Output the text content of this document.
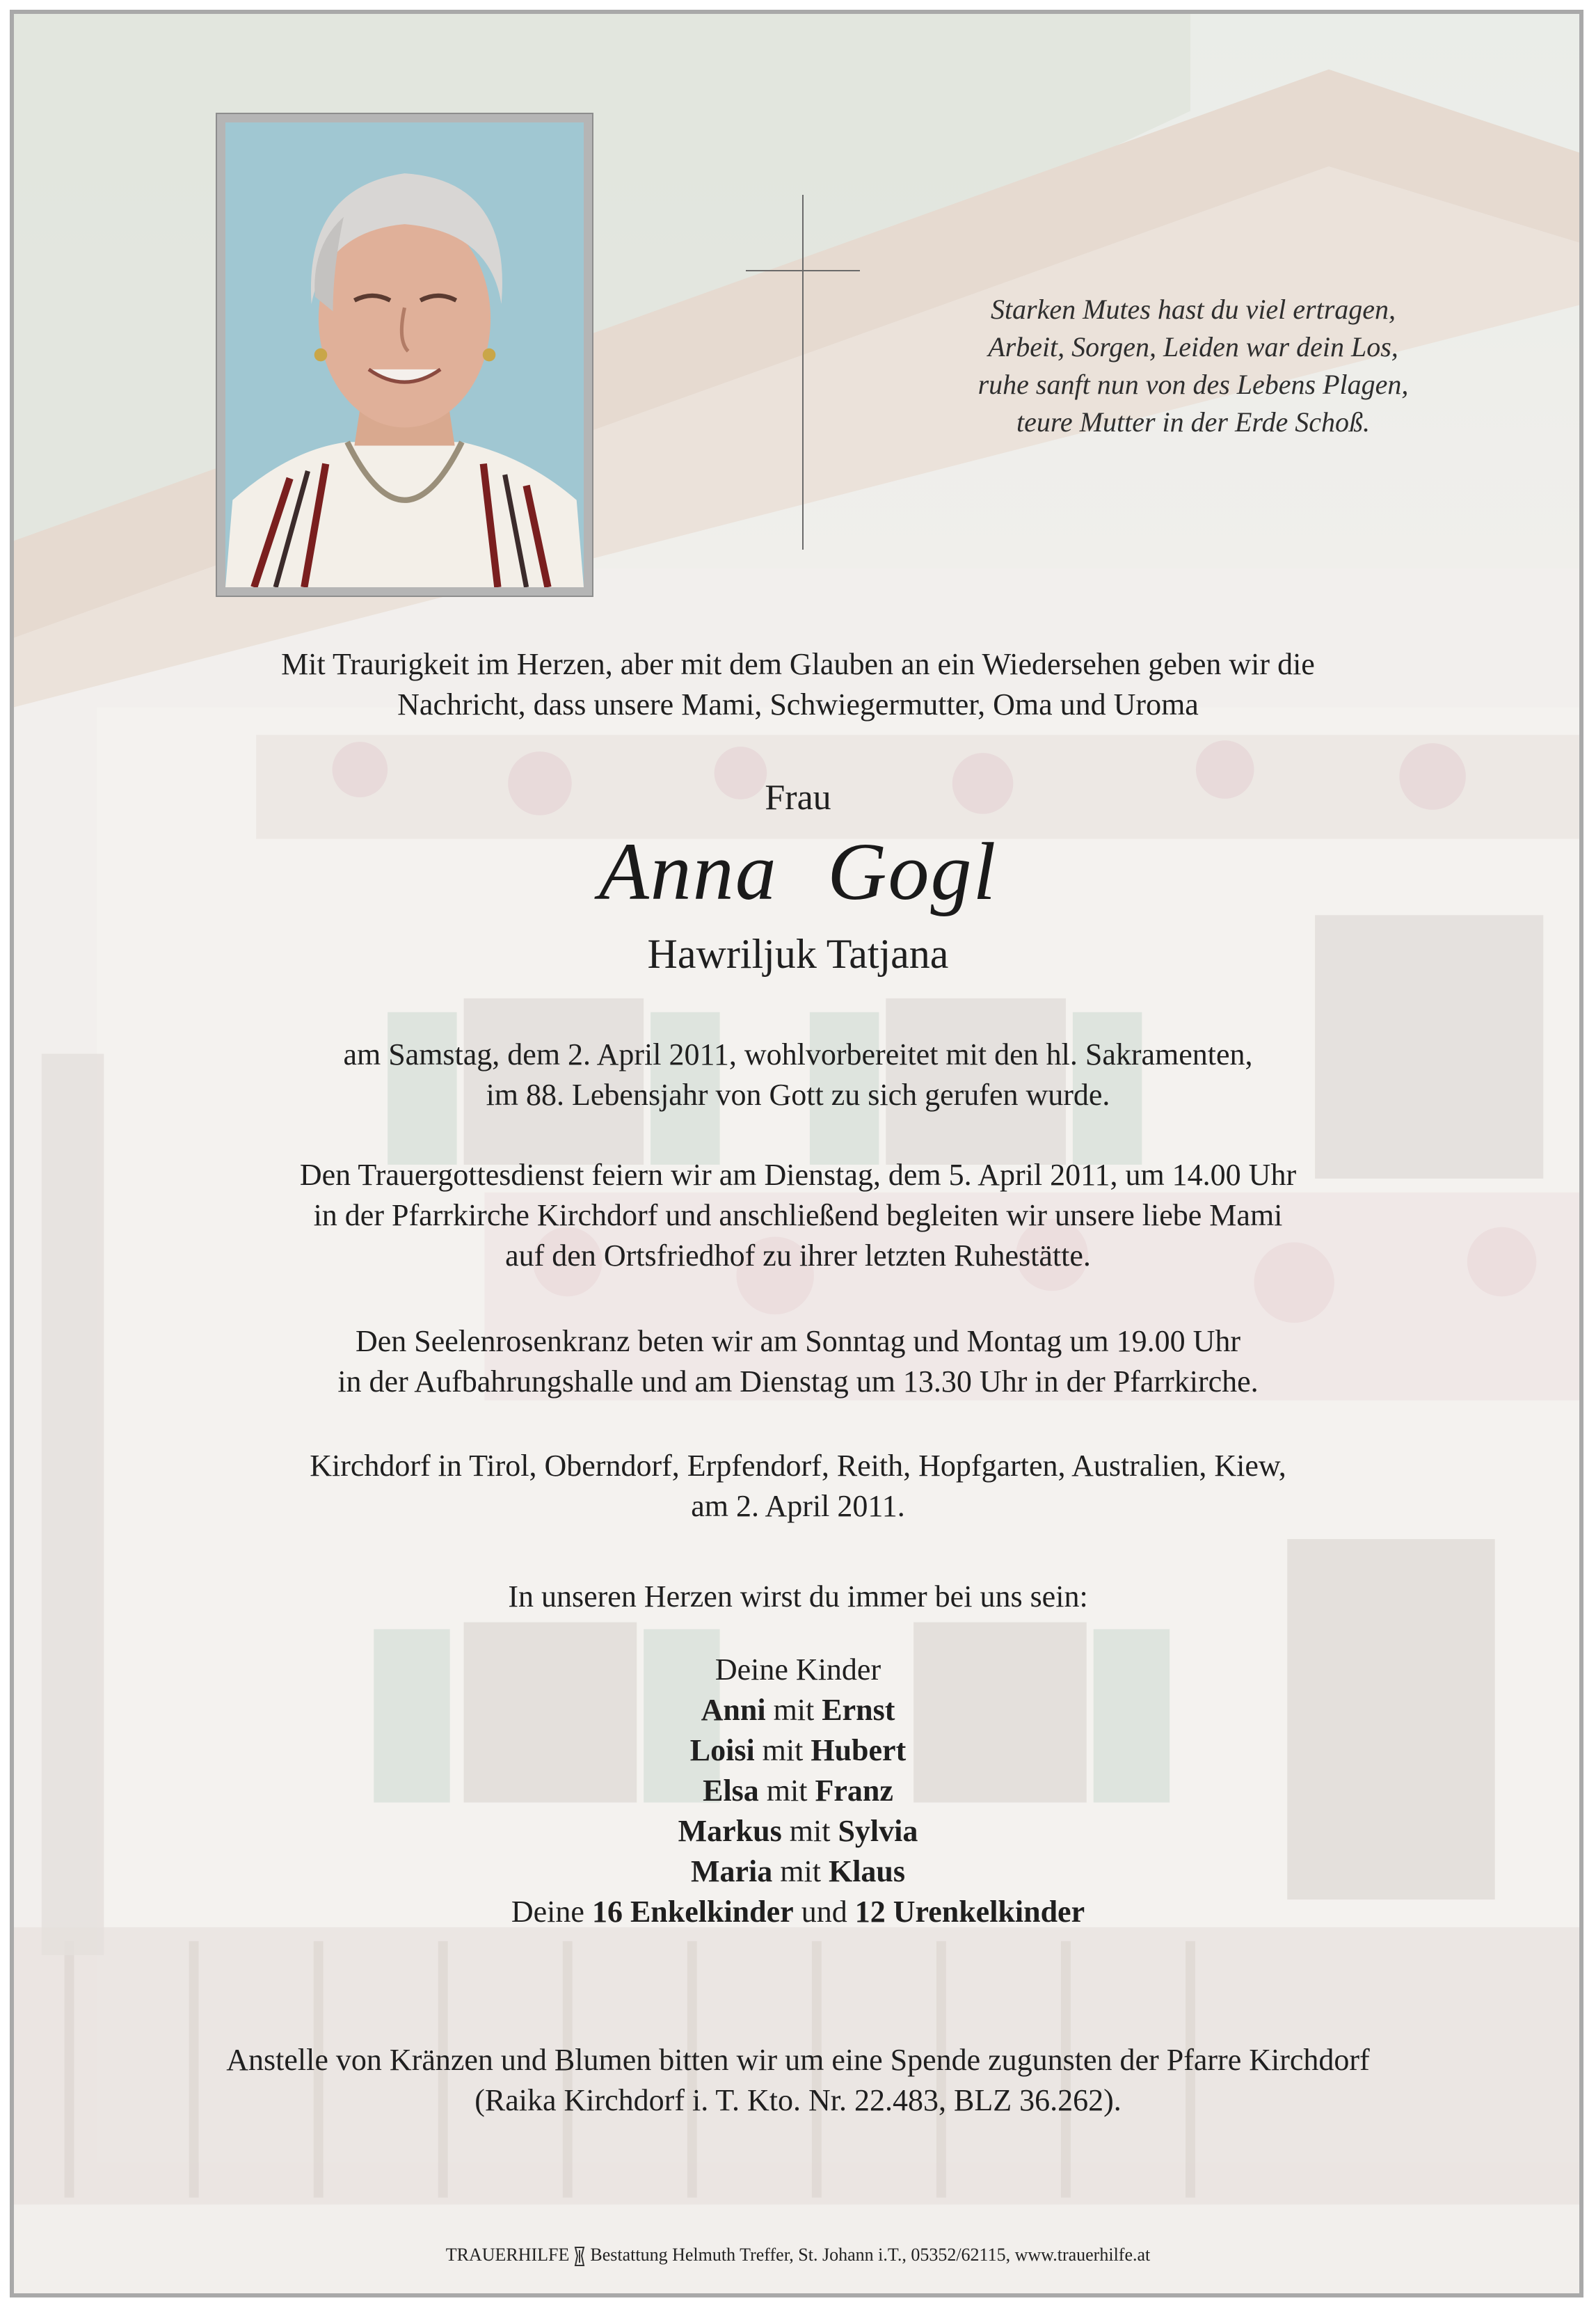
Starken Mutes hast du viel ertragen,
Arbeit, Sorgen, Leiden war dein Los,
ruhe sanft nun von des Lebens Plagen,
teure Mutter in der Erde Schoß.
Mit Traurigkeit im Herzen, aber mit dem Glauben an ein Wiedersehen geben wir die
Nachricht, dass unsere Mami, Schwiegermutter, Oma und Uroma
Frau
Anna Gogl
Hawriljuk Tatjana
am Samstag, dem 2. April 2011, wohlvorbereitet mit den hl. Sakramenten,
im 88. Lebensjahr von Gott zu sich gerufen wurde.
Den Trauergottesdienst feiern wir am Dienstag, dem 5. April 2011, um 14.00 Uhr
in der Pfarrkirche Kirchdorf und anschließend begleiten wir unsere liebe Mami
auf den Ortsfriedhof zu ihrer letzten Ruhestätte.
Den Seelenrosenkranz beten wir am Sonntag und Montag um 19.00 Uhr
in der Aufbahrungshalle und am Dienstag um 13.30 Uhr in der Pfarrkirche.
Kirchdorf in Tirol, Oberndorf, Erpfendorf, Reith, Hopfgarten, Australien, Kiew,
am 2. April 2011.
In unseren Herzen wirst du immer bei uns sein:
Deine Kinder
Anni mit Ernst
Loisi mit Hubert
Elsa mit Franz
Markus mit Sylvia
Maria mit Klaus
Deine 16 Enkelkinder und 12 Urenkelkinder
Anstelle von Kränzen und Blumen bitten wir um eine Spende zugunsten der Pfarre Kirchdorf
(Raika Kirchdorf i. T. Kto. Nr. 22.483, BLZ 36.262).
TRAUERHILFE Bestattung Helmuth Treffer, St. Johann i.T., 05352/62115, www.trauerhilfe.at
